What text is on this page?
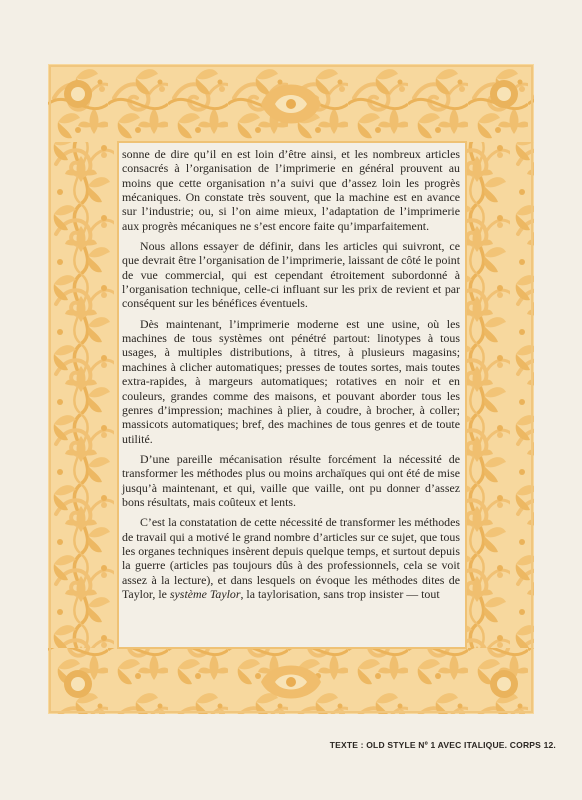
sonne de dire qu’il en est loin d’être ainsi, et les nombreux articles consacrés à l’organisation de l’imprimerie en général prouvent au moins que cette organisation n’a suivi que d’assez loin les progrès mécaniques. On constate très souvent, que la machine est en avance sur l’industrie; ou, si l’on aime mieux, l’adaptation de l’imprimerie aux progrès mécaniques ne s’est encore faite qu’imparfaitement.

Nous allons essayer de définir, dans les articles qui suivront, ce que devrait être l’organisation de l’imprimerie, laissant de côté le point de vue commercial, qui est cependant étroitement subordonné à l’organisation technique, celle-ci influant sur les prix de revient et par conséquent sur les bénéfices éventuels.

Dès maintenant, l’imprimerie moderne est une usine, où les machines de tous systèmes ont pénétré partout: linotypes à tous usages, à multiples distributions, à titres, à plusieurs magasins; machines à clicher automatiques; presses de toutes sortes, mais toutes extra-rapides, à margeurs automatiques; rotatives en noir et en couleurs, grandes comme des maisons, et pouvant aborder tous les genres d’impression; machines à plier, à coudre, à brocher, à coller; massicots automatiques; bref, des machines de tous genres et de toute utilité.

D’une pareille mécanisation résulte forcément la nécessité de transformer les méthodes plus ou moins archaïques qui ont été de mise jusqu’à maintenant, et qui, vaille que vaille, ont pu donner d’assez bons résultats, mais coûteux et lents.

C’est la constatation de cette nécessité de transformer les méthodes de travail qui a motivé le grand nombre d’articles sur ce sujet, que tous les organes techniques insèrent depuis quelque temps, et surtout depuis la guerre (articles pas toujours dûs à des professionnels, cela se voit assez à la lecture), et dans lesquels on évoque les méthodes dites de Taylor, le système Taylor, la taylorisation, sans trop insister — tout

TEXTE : OLD STYLE Nº 1 AVEC ITALIQUE. CORPS 12.
